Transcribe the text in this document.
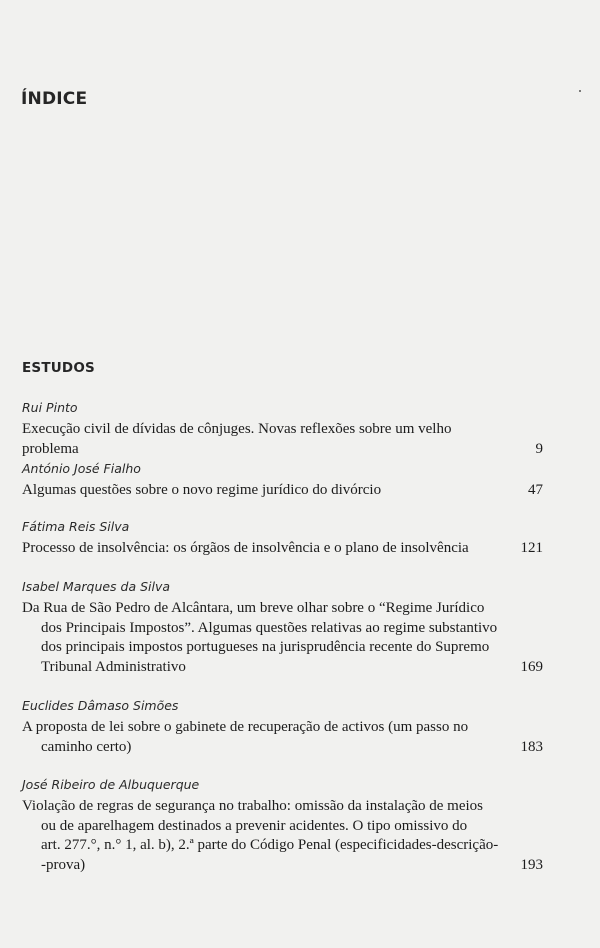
ÍNDICE
ESTUDOS
Rui Pinto
Execução civil de dívidas de cônjuges. Novas reflexões sobre um velho problema	9
António José Fialho
Algumas questões sobre o novo regime jurídico do divórcio	47
Fátima Reis Silva
Processo de insolvência: os órgãos de insolvência e o plano de insolvência	121
Isabel Marques da Silva
Da Rua de São Pedro de Alcântara, um breve olhar sobre o “Regime Jurídico
dos Principais Impostos”. Algumas questões relativas ao regime substantivo
dos principais impostos portugueses na jurisprudência recente do Supremo
Tribunal Administrativo	169
Euclides Dâmaso Simões
A proposta de lei sobre o gabinete de recuperação de activos (um passo no
caminho certo)	183
José Ribeiro de Albuquerque
Violação de regras de segurança no trabalho: omissão da instalação de meios
ou de aparelhagem destinados a prevenir acidentes. O tipo omissivo do
art. 277.°, n.° 1, al. b), 2.ª parte do Código Penal (especificidades-descrição-
-prova)	193
